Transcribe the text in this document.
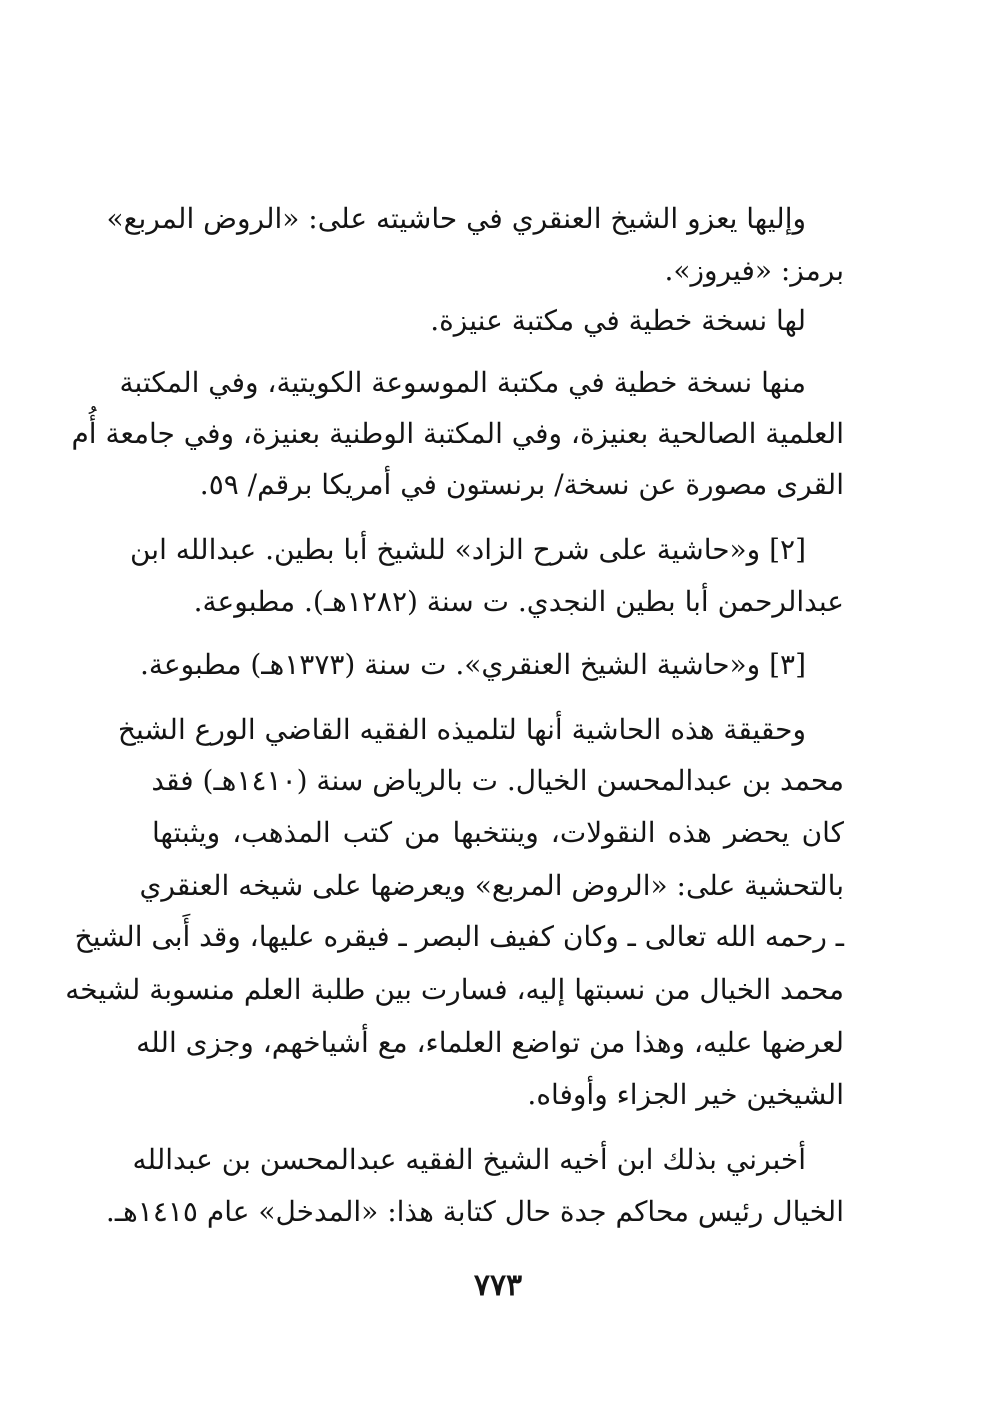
وإليها يعزو الشيخ العنقري في حاشيته على: «الروض المربع»
برمز: «فيروز».
لها نسخة خطية في مكتبة عنيزة.
منها نسخة خطية في مكتبة الموسوعة الكويتية، وفي المكتبة
العلمية الصالحية بعنيزة، وفي المكتبة الوطنية بعنيزة، وفي جامعة أُم
القرى مصورة عن نسخة/ برنستون في أمريكا برقم/ ٥٩.
[٢] و«حاشية على شرح الزاد» للشيخ أبا بطين. عبدالله ابن
عبدالرحمن أبا بطين النجدي. ت سنة (١٢٨٢هـ). مطبوعة.
[٣] و«حاشية الشيخ العنقري». ت سنة (١٣٧٣هـ) مطبوعة.
وحقيقة هذه الحاشية أنها لتلميذه الفقيه القاضي الورع الشيخ
محمد بن عبدالمحسن الخيال. ت بالرياض سنة (١٤١٠هـ) فقد
كان يحضر هذه النقولات، وينتخبها من كتب المذهب، ويثبتها
بالتحشية على: «الروض المربع» ويعرضها على شيخه العنقري
ـ رحمه الله تعالى ـ وكان كفيف البصر ـ فيقره عليها، وقد أَبى الشيخ
محمد الخيال من نسبتها إليه، فسارت بين طلبة العلم منسوبة لشيخه
لعرضها عليه، وهذا من تواضع العلماء، مع أشياخهم، وجزى الله
الشيخين خير الجزاء وأوفاه.
أخبرني بذلك ابن أخيه الشيخ الفقيه عبدالمحسن بن عبدالله
الخيال رئيس محاكم جدة حال كتابة هذا: «المدخل» عام ١٤١٥هـ.
٧٧٣
